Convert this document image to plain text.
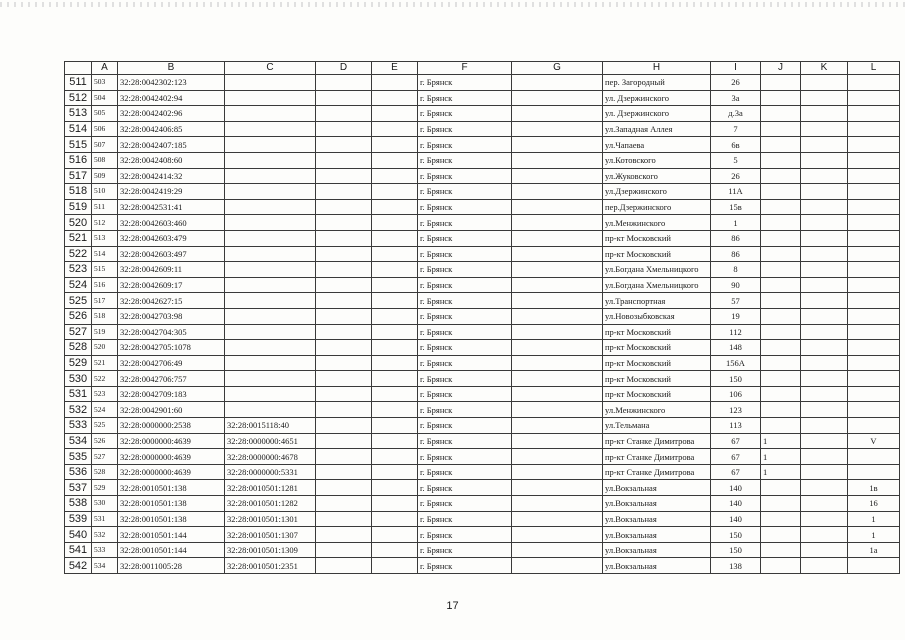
	A	B	C	D	E	F	G	H	I	J	K	L
511	503	32:28:0042302:123				г. Брянск		пер. Загородный	26			
512	504	32:28:0042402:94				г. Брянск		ул. Дзержинского	3а			
513	505	32:28:0042402:96				г. Брянск		ул. Дзержинского	д.3а			
514	506	32:28:0042406:85				г. Брянск		ул.Западная Аллея	7			
515	507	32:28:0042407:185				г. Брянск		ул.Чапаева	6в			
516	508	32:28:0042408:60				г. Брянск		ул.Котовского	5			
517	509	32:28:0042414:32				г. Брянск		ул.Жуковского	26			
518	510	32:28:0042419:29				г. Брянск		ул.Дзержинского	11А			
519	511	32:28:0042531:41				г. Брянск		пер.Дзержинского	15в			
520	512	32:28:0042603:460				г. Брянск		ул.Менжинского	1			
521	513	32:28:0042603:479				г. Брянск		пр-кт Московский	86			
522	514	32:28:0042603:497				г. Брянск		пр-кт Московский	86			
523	515	32:28:0042609:11				г. Брянск		ул.Богдана Хмельницкого	8			
524	516	32:28:0042609:17				г. Брянск		ул.Богдана Хмельницкого	90			
525	517	32:28:0042627:15				г. Брянск		ул.Транспортная	57			
526	518	32:28:0042703:98				г. Брянск		ул.Новозыбковская	19			
527	519	32:28:0042704:305				г. Брянск		пр-кт Московский	112			
528	520	32:28:0042705:1078				г. Брянск		пр-кт Московский	148			
529	521	32:28:0042706:49				г. Брянск		пр-кт Московский	156А			
530	522	32:28:0042706:757				г. Брянск		пр-кт Московский	150			
531	523	32:28:0042709:183				г. Брянск		пр-кт Московский	106			
532	524	32:28:0042901:60				г. Брянск		ул.Менжинского	123			
533	525	32:28:0000000:2538	32:28:0015118:40			г. Брянск		ул.Тельмана	113			
534	526	32:28:0000000:4639	32:28:0000000:4651			г. Брянск		пр-кт Станке Димитрова	67	1		V
535	527	32:28:0000000:4639	32:28:0000000:4678			г. Брянск		пр-кт Станке Димитрова	67	1		
536	528	32:28:0000000:4639	32:28:0000000:5331			г. Брянск		пр-кт Станке Димитрова	67	1		
537	529	32:28:0010501:138	32:28:0010501:1281			г. Брянск		ул.Вокзальная	140			1в
538	530	32:28:0010501:138	32:28:0010501:1282			г. Брянск		ул.Вокзальная	140			16
539	531	32:28:0010501:138	32:28:0010501:1301			г. Брянск		ул.Вокзальная	140			1
540	532	32:28:0010501:144	32:28:0010501:1307			г. Брянск		ул.Вокзальная	150			1
541	533	32:28:0010501:144	32:28:0010501:1309			г. Брянск		ул.Вокзальная	150			1а
542	534	32:28:0011005:28	32:28:0010501:2351			г. Брянск		ул.Вокзальная	138			
17
